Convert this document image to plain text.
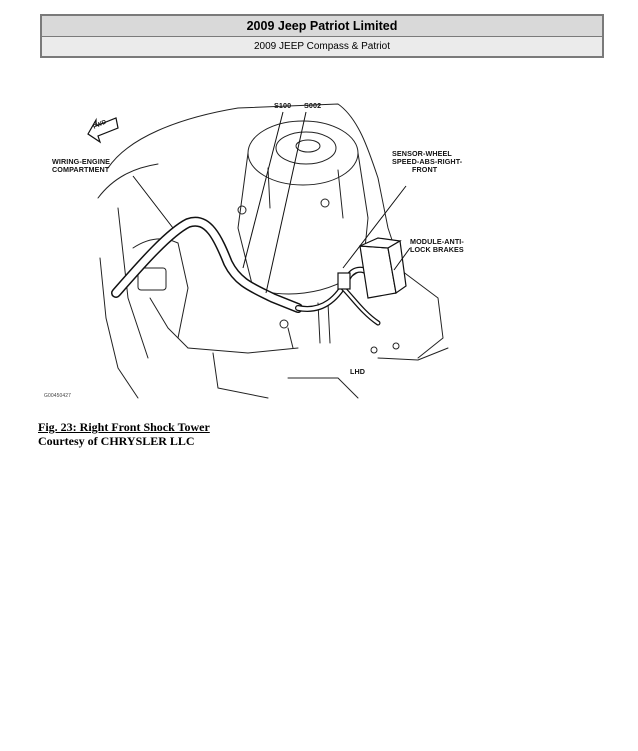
2009 Jeep Patriot Limited
2009 JEEP Compass & Patriot
S100 S002
WIRING-ENGINE
COMPARTMENT
SENSOR-WHEEL
SPEED-ABS-RIGHT-
FRONT
MODULE-ANTI-
LOCK BRAKES
LHD
FWD
G00450427
Fig. 23: Right Front Shock Tower
Courtesy of CHRYSLER LLC
